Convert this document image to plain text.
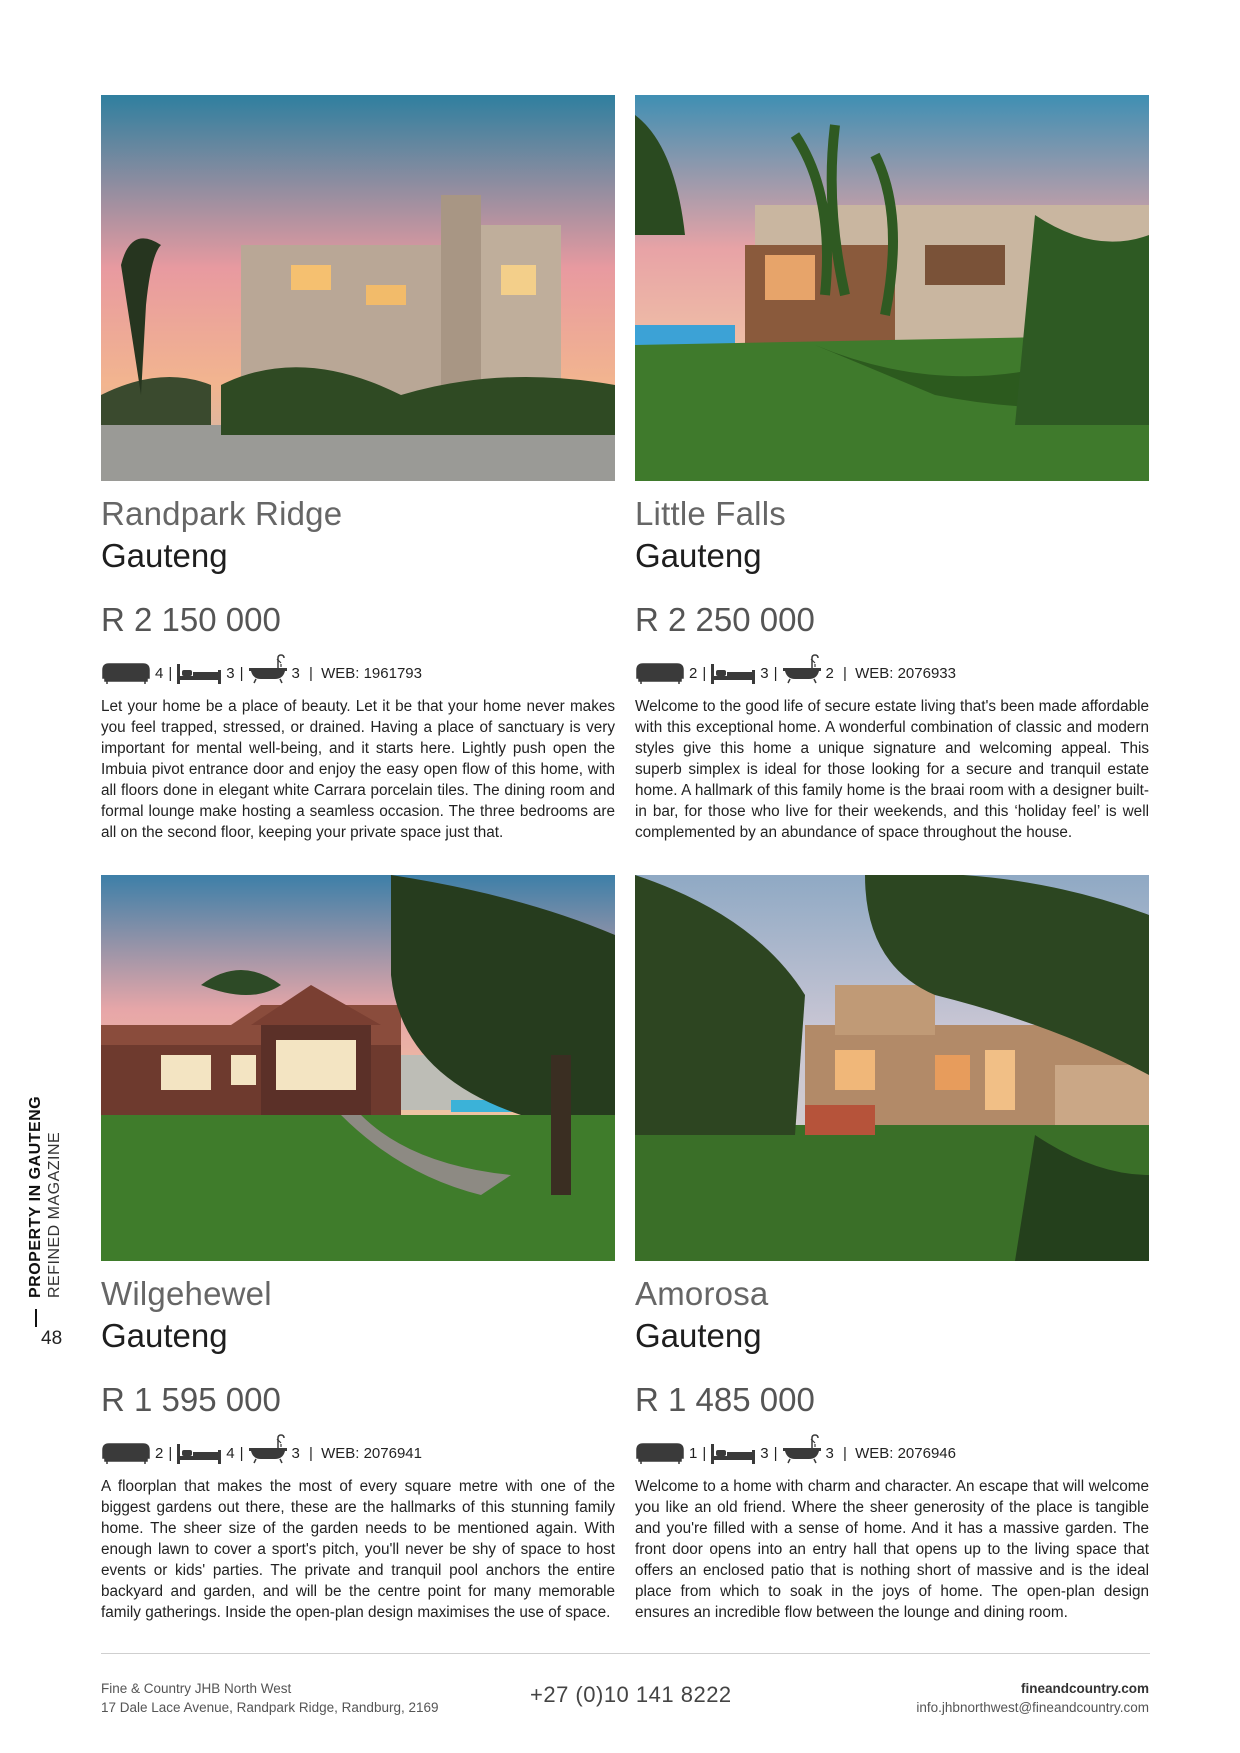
Randpark Ridge
Gauteng
R 2 150 000
4 |	3 |	3 | WEB: 1961793
Let your home be a place of beauty. Let it be that your home never makes you feel trapped, stressed, or drained. Having a place of sanctuary is very important for mental well-being, and it starts here. Lightly push open the Imbuia pivot entrance door and enjoy the easy open flow of this home, with all floors done in elegant white Carrara porcelain tiles. The dining room and formal lounge make hosting a seamless occasion. The three bedrooms are all on the second floor, keeping your private space just that.
Little Falls
Gauteng
R 2 250 000
2 |	3 |	2 | WEB: 2076933
Welcome to the good life of secure estate living that's been made affordable with this exceptional home. A wonderful combination of classic and modern styles give this home a unique signature and welcoming appeal. This superb simplex is ideal for those looking for a secure and tranquil estate home. A hallmark of this family home is the braai room with a designer built-in bar, for those who live for their weekends, and this ‘holiday feel’ is well complemented by an abundance of space throughout the house.
Wilgehewel
Gauteng
R 1 595 000
2 |	4 |	3 | WEB: 2076941
A floorplan that makes the most of every square metre with one of the biggest gardens out there, these are the hallmarks of this stunning family home. The sheer size of the garden needs to be mentioned again. With enough lawn to cover a sport's pitch, you'll never be shy of space to host events or kids' parties. The private and tranquil pool anchors the entire backyard and garden, and will be the centre point for many memorable family gatherings. Inside the open-plan design maximises the use of space.
Amorosa
Gauteng
R 1 485 000
1 |	3 |	3 | WEB: 2076946
Welcome to a home with charm and character. An escape that will welcome you like an old friend. Where the sheer generosity of the place is tangible and you're filled with a sense of home. And it has a massive garden. The front door opens into an entry hall that opens up to the living space that offers an enclosed patio that is nothing short of massive and is the ideal place from which to soak in the joys of home. The open-plan design ensures an incredible flow between the lounge and dining room.
PROPERTY IN GAUTENG REFINED MAGAZINE
48
Fine & Country JHB North West
17 Dale Lace Avenue, Randpark Ridge, Randburg, 2169
+27 (0)10 141 8222	fineandcountry.com
info.jhbnorthwest@fineandcountry.com
